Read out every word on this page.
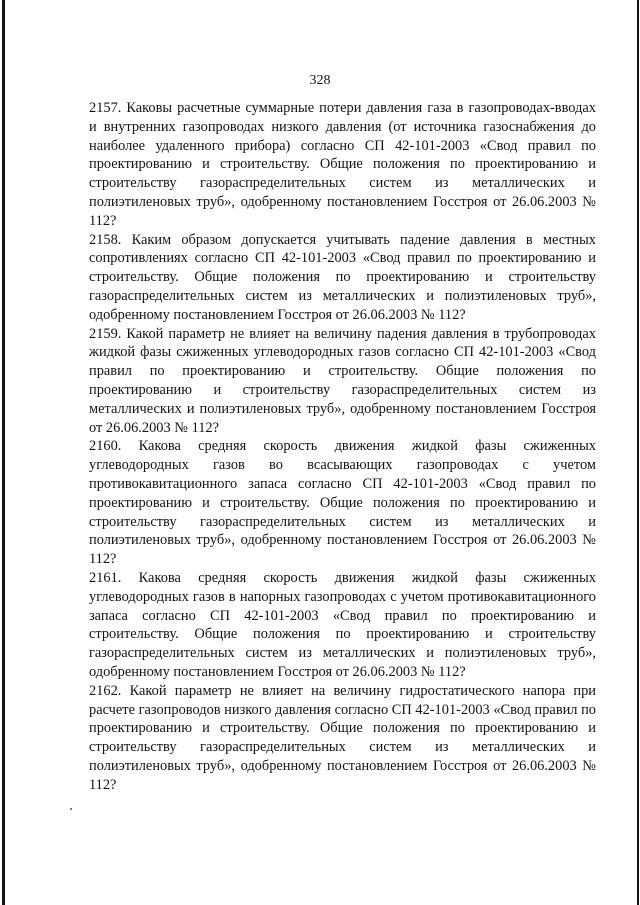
328

2157. Каковы расчетные суммарные потери давления газа в газопроводах-вводах и внутренних газопроводах низкого давления (от источника газоснабжения до наиболее удаленного прибора) согласно СП 42-101-2003 «Свод правил по проектированию и строительству. Общие положения по проектированию и строительству газораспределительных систем из металлических и полиэтиленовых труб», одобренному постановлением Госстроя от 26.06.2003 № 112?

2158. Каким образом допускается учитывать падение давления в местных сопротивлениях согласно СП 42-101-2003 «Свод правил по проектированию и строительству. Общие положения по проектированию и строительству газораспределительных систем из металлических и полиэтиленовых труб», одобренному постановлением Госстроя от 26.06.2003 № 112?

2159. Какой параметр не влияет на величину падения давления в трубопроводах жидкой фазы сжиженных углеводородных газов согласно СП 42-101-2003 «Свод правил по проектированию и строительству. Общие положения по проектированию и строительству газораспределительных систем из металлических и полиэтиленовых труб», одобренному постановлением Госстроя от 26.06.2003 № 112?

2160. Какова средняя скорость движения жидкой фазы сжиженных углеводородных газов во всасывающих газопроводах с учетом противокавитационного запаса согласно СП 42-101-2003 «Свод правил по проектированию и строительству. Общие положения по проектированию и строительству газораспределительных систем из металлических и полиэтиленовых труб», одобренному постановлением Госстроя от 26.06.2003 № 112?

2161. Какова средняя скорость движения жидкой фазы сжиженных углеводородных газов в напорных газопроводах с учетом противокавитационного запаса согласно СП 42-101-2003 «Свод правил по проектированию и строительству. Общие положения по проектированию и строительству газораспределительных систем из металлических и полиэтиленовых труб», одобренному постановлением Госстроя от 26.06.2003 № 112?

2162. Какой параметр не влияет на величину гидростатического напора при расчете газопроводов низкого давления согласно СП 42-101-2003 «Свод правил по проектированию и строительству. Общие положения по проектированию и строительству газораспределительных систем из металлических и полиэтиленовых труб», одобренному постановлением Госстроя от 26.06.2003 № 112?
